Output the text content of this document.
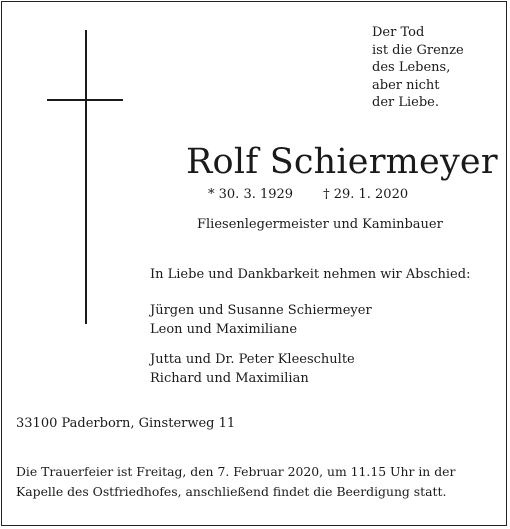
Der Tod
ist die Grenze
des Lebens,
aber nicht
der Liebe.
Rolf Schiermeyer
* 30. 3. 1929 † 29. 1. 2020
Fliesenlegermeister und Kaminbauer
In Liebe und Dankbarkeit nehmen wir Abschied:
Jürgen und Susanne Schiermeyer
Leon und Maximiliane
Jutta und Dr. Peter Kleeschulte
Richard und Maximilian
33100 Paderborn, Ginsterweg 11
Die Trauerfeier ist Freitag, den 7. Februar 2020, um 11.15 Uhr in der
Kapelle des Ostfriedhofes, anschließend findet die Beerdigung statt.
